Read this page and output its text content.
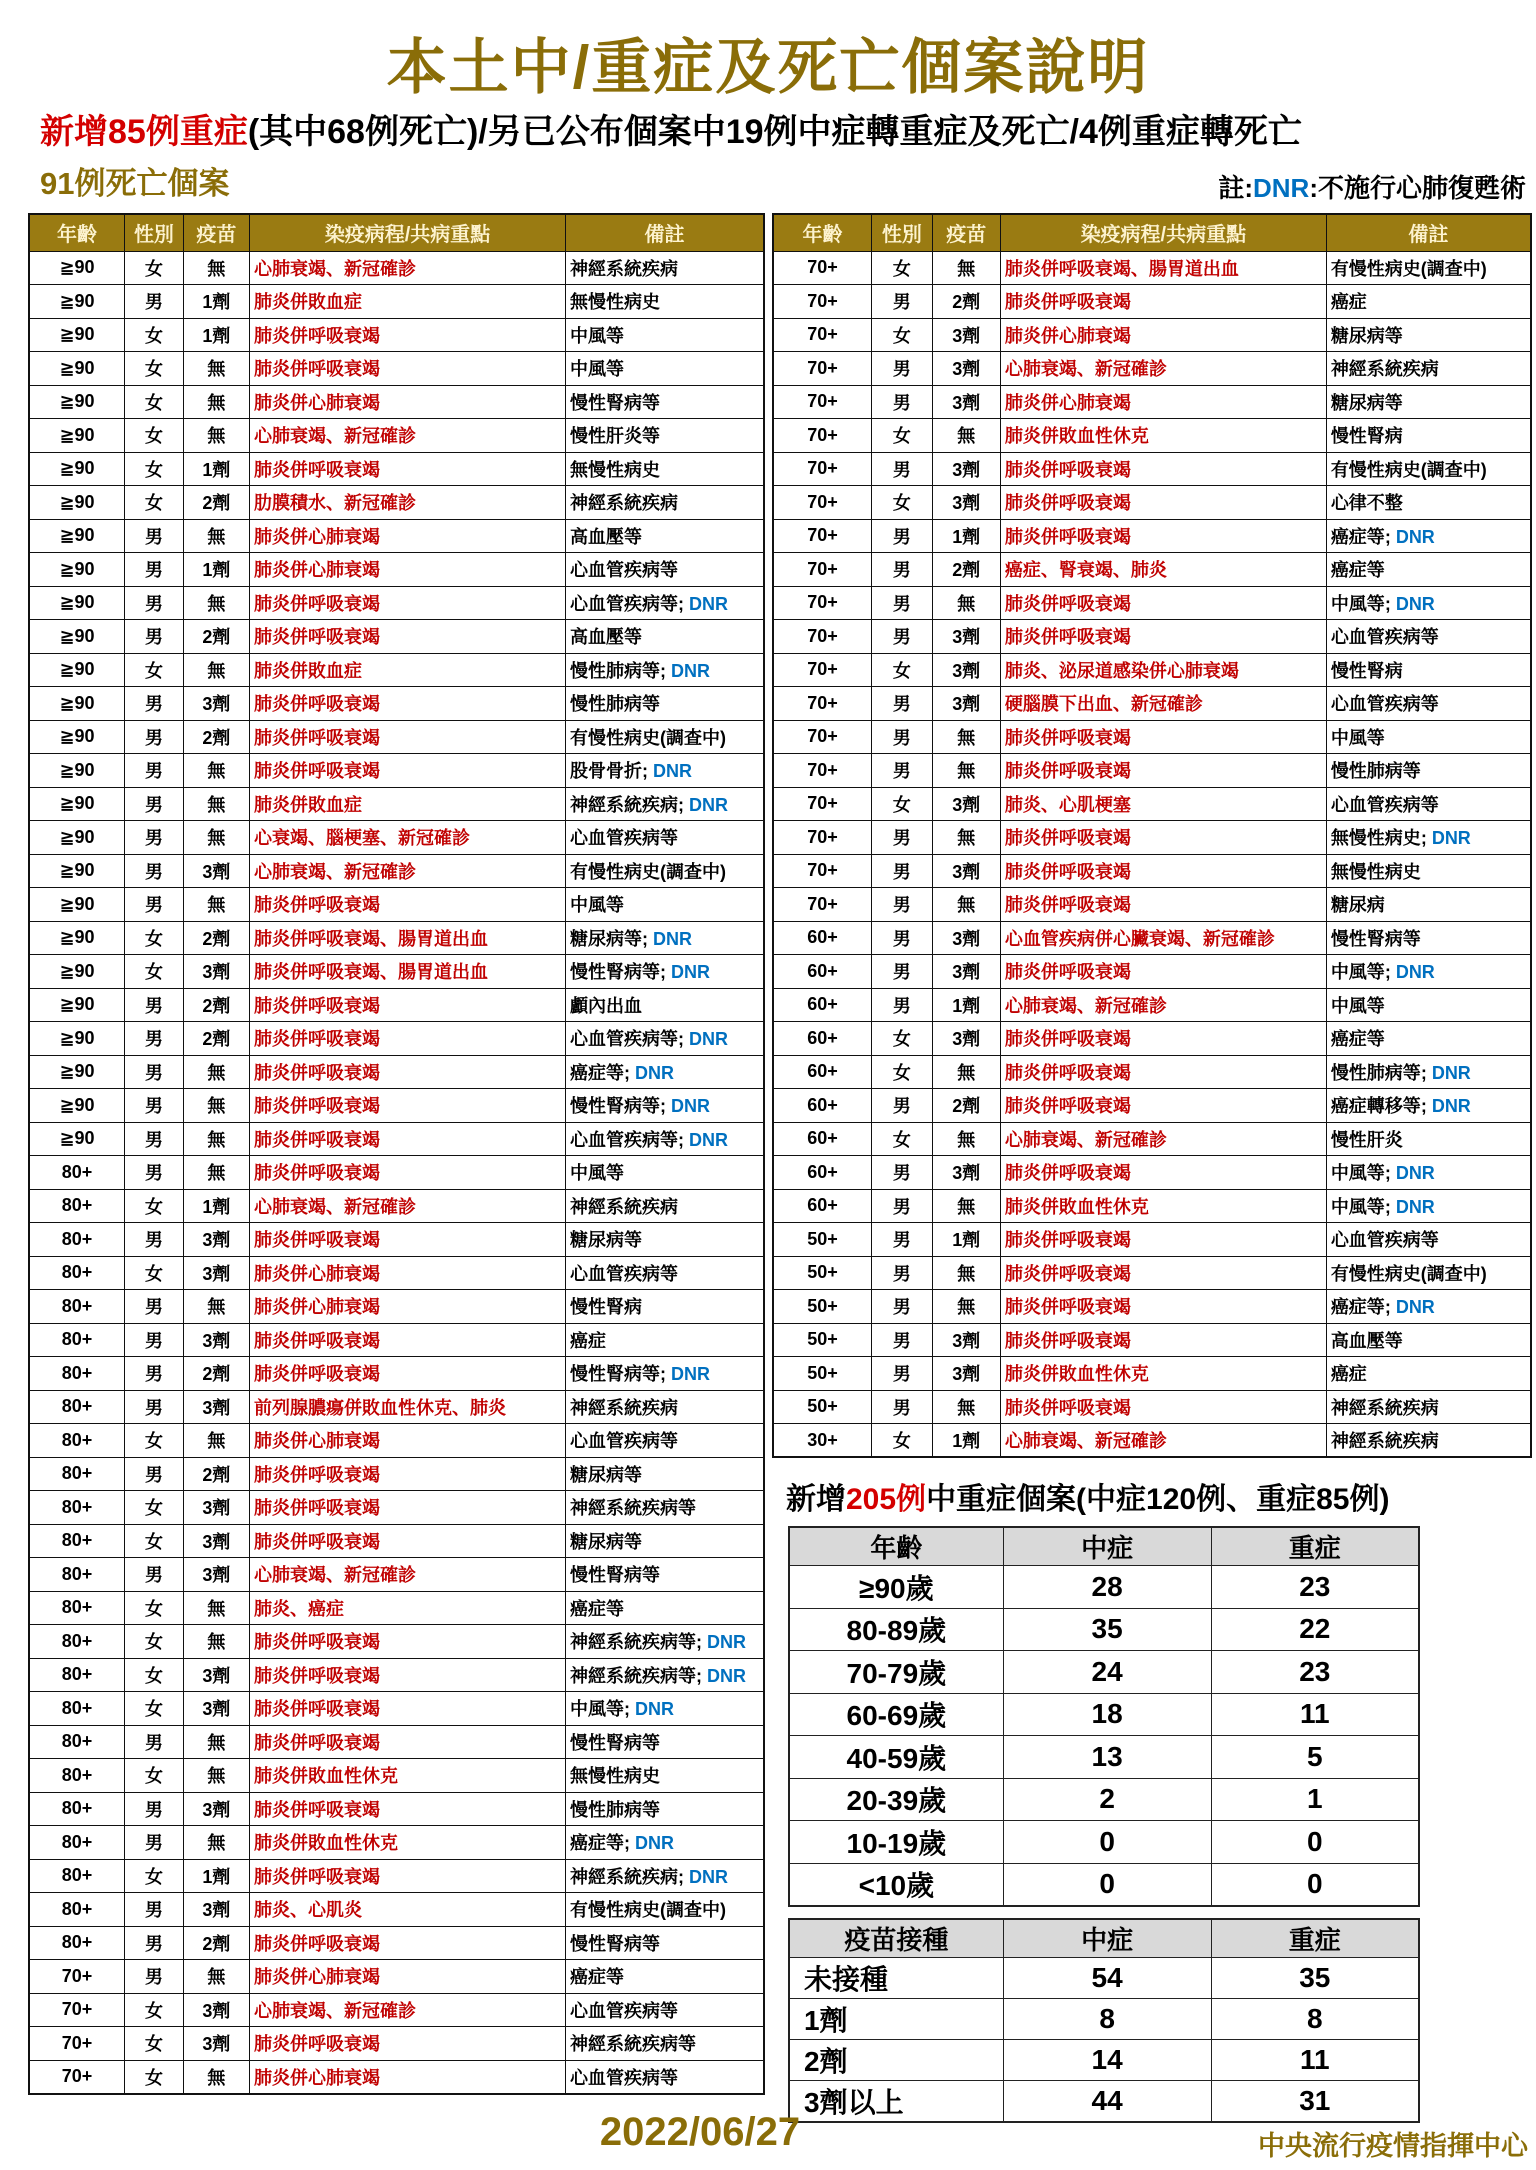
本土中/重症及死亡個案說明
新增85例重症(其中68例死亡)/另已公布個案中19例中症轉重症及死亡/4例重症轉死亡
91例死亡個案	註:DNR:不施行心肺復甦術
年齡	性別	疫苗	染疫病程/共病重點	備註
≧90	女	無	心肺衰竭、新冠確診	神經系統疾病
≧90	男	1劑	肺炎併敗血症	無慢性病史
≧90	女	1劑	肺炎併呼吸衰竭	中風等
≧90	女	無	肺炎併呼吸衰竭	中風等
≧90	女	無	肺炎併心肺衰竭	慢性腎病等
≧90	女	無	心肺衰竭、新冠確診	慢性肝炎等
≧90	女	1劑	肺炎併呼吸衰竭	無慢性病史
≧90	女	2劑	肋膜積水、新冠確診	神經系統疾病
≧90	男	無	肺炎併心肺衰竭	高血壓等
≧90	男	1劑	肺炎併心肺衰竭	心血管疾病等
≧90	男	無	肺炎併呼吸衰竭	心血管疾病等; DNR
≧90	男	2劑	肺炎併呼吸衰竭	高血壓等
≧90	女	無	肺炎併敗血症	慢性肺病等; DNR
≧90	男	3劑	肺炎併呼吸衰竭	慢性肺病等
≧90	男	2劑	肺炎併呼吸衰竭	有慢性病史(調查中)
≧90	男	無	肺炎併呼吸衰竭	股骨骨折; DNR
≧90	男	無	肺炎併敗血症	神經系統疾病; DNR
≧90	男	無	心衰竭、腦梗塞、新冠確診	心血管疾病等
≧90	男	3劑	心肺衰竭、新冠確診	有慢性病史(調查中)
≧90	男	無	肺炎併呼吸衰竭	中風等
≧90	女	2劑	肺炎併呼吸衰竭、腸胃道出血	糖尿病等; DNR
≧90	女	3劑	肺炎併呼吸衰竭、腸胃道出血	慢性腎病等; DNR
≧90	男	2劑	肺炎併呼吸衰竭	顱內出血
≧90	男	2劑	肺炎併呼吸衰竭	心血管疾病等; DNR
≧90	男	無	肺炎併呼吸衰竭	癌症等; DNR
≧90	男	無	肺炎併呼吸衰竭	慢性腎病等; DNR
≧90	男	無	肺炎併呼吸衰竭	心血管疾病等; DNR
80+	男	無	肺炎併呼吸衰竭	中風等
80+	女	1劑	心肺衰竭、新冠確診	神經系統疾病
80+	男	3劑	肺炎併呼吸衰竭	糖尿病等
80+	女	3劑	肺炎併心肺衰竭	心血管疾病等
80+	男	無	肺炎併心肺衰竭	慢性腎病
80+	男	3劑	肺炎併呼吸衰竭	癌症
80+	男	2劑	肺炎併呼吸衰竭	慢性腎病等; DNR
80+	男	3劑	前列腺膿瘍併敗血性休克、肺炎	神經系統疾病
80+	女	無	肺炎併心肺衰竭	心血管疾病等
80+	男	2劑	肺炎併呼吸衰竭	糖尿病等
80+	女	3劑	肺炎併呼吸衰竭	神經系統疾病等
80+	女	3劑	肺炎併呼吸衰竭	糖尿病等
80+	男	3劑	心肺衰竭、新冠確診	慢性腎病等
80+	女	無	肺炎、癌症	癌症等
80+	女	無	肺炎併呼吸衰竭	神經系統疾病等; DNR
80+	女	3劑	肺炎併呼吸衰竭	神經系統疾病等; DNR
80+	女	3劑	肺炎併呼吸衰竭	中風等; DNR
80+	男	無	肺炎併呼吸衰竭	慢性腎病等
80+	女	無	肺炎併敗血性休克	無慢性病史
80+	男	3劑	肺炎併呼吸衰竭	慢性肺病等
80+	男	無	肺炎併敗血性休克	癌症等; DNR
80+	女	1劑	肺炎併呼吸衰竭	神經系統疾病; DNR
80+	男	3劑	肺炎、心肌炎	有慢性病史(調查中)
80+	男	2劑	肺炎併呼吸衰竭	慢性腎病等
70+	男	無	肺炎併心肺衰竭	癌症等
70+	女	3劑	心肺衰竭、新冠確診	心血管疾病等
70+	女	3劑	肺炎併呼吸衰竭	神經系統疾病等
70+	女	無	肺炎併心肺衰竭	心血管疾病等
年齡	性別	疫苗	染疫病程/共病重點	備註
70+	女	無	肺炎併呼吸衰竭、腸胃道出血	有慢性病史(調查中)
70+	男	2劑	肺炎併呼吸衰竭	癌症
70+	女	3劑	肺炎併心肺衰竭	糖尿病等
70+	男	3劑	心肺衰竭、新冠確診	神經系統疾病
70+	男	3劑	肺炎併心肺衰竭	糖尿病等
70+	女	無	肺炎併敗血性休克	慢性腎病
70+	男	3劑	肺炎併呼吸衰竭	有慢性病史(調查中)
70+	女	3劑	肺炎併呼吸衰竭	心律不整
70+	男	1劑	肺炎併呼吸衰竭	癌症等; DNR
70+	男	2劑	癌症、腎衰竭、肺炎	癌症等
70+	男	無	肺炎併呼吸衰竭	中風等; DNR
70+	男	3劑	肺炎併呼吸衰竭	心血管疾病等
70+	女	3劑	肺炎、泌尿道感染併心肺衰竭	慢性腎病
70+	男	3劑	硬腦膜下出血、新冠確診	心血管疾病等
70+	男	無	肺炎併呼吸衰竭	中風等
70+	男	無	肺炎併呼吸衰竭	慢性肺病等
70+	女	3劑	肺炎、心肌梗塞	心血管疾病等
70+	男	無	肺炎併呼吸衰竭	無慢性病史; DNR
70+	男	3劑	肺炎併呼吸衰竭	無慢性病史
70+	男	無	肺炎併呼吸衰竭	糖尿病
60+	男	3劑	心血管疾病併心臟衰竭、新冠確診	慢性腎病等
60+	男	3劑	肺炎併呼吸衰竭	中風等; DNR
60+	男	1劑	心肺衰竭、新冠確診	中風等
60+	女	3劑	肺炎併呼吸衰竭	癌症等
60+	女	無	肺炎併呼吸衰竭	慢性肺病等; DNR
60+	男	2劑	肺炎併呼吸衰竭	癌症轉移等; DNR
60+	女	無	心肺衰竭、新冠確診	慢性肝炎
60+	男	3劑	肺炎併呼吸衰竭	中風等; DNR
60+	男	無	肺炎併敗血性休克	中風等; DNR
50+	男	1劑	肺炎併呼吸衰竭	心血管疾病等
50+	男	無	肺炎併呼吸衰竭	有慢性病史(調查中)
50+	男	無	肺炎併呼吸衰竭	癌症等; DNR
50+	男	3劑	肺炎併呼吸衰竭	高血壓等
50+	男	3劑	肺炎併敗血性休克	癌症
50+	男	無	肺炎併呼吸衰竭	神經系統疾病
30+	女	1劑	心肺衰竭、新冠確診	神經系統疾病
新增205例中重症個案(中症120例、重症85例)
年齡	中症	重症
≥90歲	28	23
80-89歲	35	22
70-79歲	24	23
60-69歲	18	11
40-59歲	13	5
20-39歲	2	1
10-19歲	0	0
<10歲	0	0
疫苗接種	中症	重症
未接種	54	35
1劑	8	8
2劑	14	11
3劑以上	44	31
2022/06/27	中央流行疫情指揮中心
